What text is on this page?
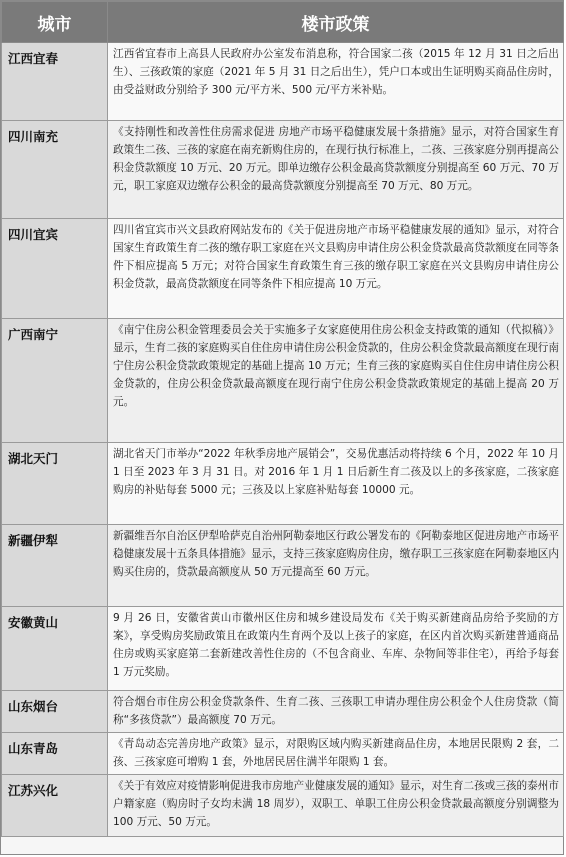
城市	楼市政策
江西宜春	江西省宜春市上高县人民政府办公室发布消息称，符合国家二孩（2015 年 12 月 31 日之后出生）、三孩政策的家庭（2021 年 5 月 31 日之后出生），凭户口本或出生证明购买商品住房时，由受益财政分别给予 300 元/平方米、500 元/平方米补贴。
四川南充	《支持刚性和改善性住房需求促进 房地产市场平稳健康发展十条措施》显示，对符合国家生育政策生二孩、三孩的家庭在南充新购住房的，在现行执行标准上，二孩、三孩家庭分别再提高公积金贷款额度 10 万元、20 万元。即单边缴存公积金最高贷款额度分别提高至 60 万元、70 万元，职工家庭双边缴存公积金的最高贷款额度分别提高至 70 万元、80 万元。
四川宜宾	四川省宜宾市兴文县政府网站发布的《关于促进房地产市场平稳健康发展的通知》显示，对符合国家生育政策生育二孩的缴存职工家庭在兴文县购房申请住房公积金贷款最高贷款额度在同等条件下相应提高 5 万元；对符合国家生育政策生育三孩的缴存职工家庭在兴文县购房申请住房公积金贷款，最高贷款额度在同等条件下相应提高 10 万元。
广西南宁	《南宁住房公积金管理委员会关于实施多子女家庭使用住房公积金支持政策的通知（代拟稿）》显示，生育二孩的家庭购买自住住房申请住房公积金贷款的，住房公积金贷款最高额度在现行南宁住房公积金贷款政策规定的基础上提高 10 万元；生育三孩的家庭购买自住住房申请住房公积金贷款的，住房公积金贷款最高额度在现行南宁住房公积金贷款政策规定的基础上提高 20 万元。
湖北天门	湖北省天门市举办“2022 年秋季房地产展销会”，交易优惠活动将持续 6 个月，2022 年 10 月 1 日至 2023 年 3 月 31 日。对 2016 年 1 月 1 日后新生育二孩及以上的多孩家庭，二孩家庭购房的补贴每套 5000 元；三孩及以上家庭补贴每套 10000 元。
新疆伊犁	新疆维吾尔自治区伊犁哈萨克自治州阿勒泰地区行政公署发布的《阿勒泰地区促进房地产市场平稳健康发展十五条具体措施》显示，支持三孩家庭购房住房，缴存职工三孩家庭在阿勒泰地区内购买住房的，贷款最高额度从 50 万元提高至 60 万元。
安徽黄山	9 月 26 日，安徽省黄山市徽州区住房和城乡建设局发布《关于购买新建商品房给予奖励的方案》，享受购房奖励政策且在政策内生育两个及以上孩子的家庭，在区内首次购买新建普通商品住房或购买家庭第二套新建改善性住房的（不包含商业、车库、杂物间等非住宅），再给予每套 1 万元奖励。
山东烟台	符合烟台市住房公积金贷款条件、生育二孩、三孩职工申请办理住房公积金个人住房贷款（简称“多孩贷款”）最高额度 70 万元。
山东青岛	《青岛动态完善房地产政策》显示，对限购区域内购买新建商品住房，本地居民限购 2 套，二孩、三孩家庭可增购 1 套，外地居民居住满半年限购 1 套。
江苏兴化	《关于有效应对疫情影响促进我市房地产业健康发展的通知》显示，对生育二孩或三孩的泰州市户籍家庭（购房时子女均未满 18 周岁），双职工、单职工住房公积金贷款最高额度分别调整为 100 万元、50 万元。
